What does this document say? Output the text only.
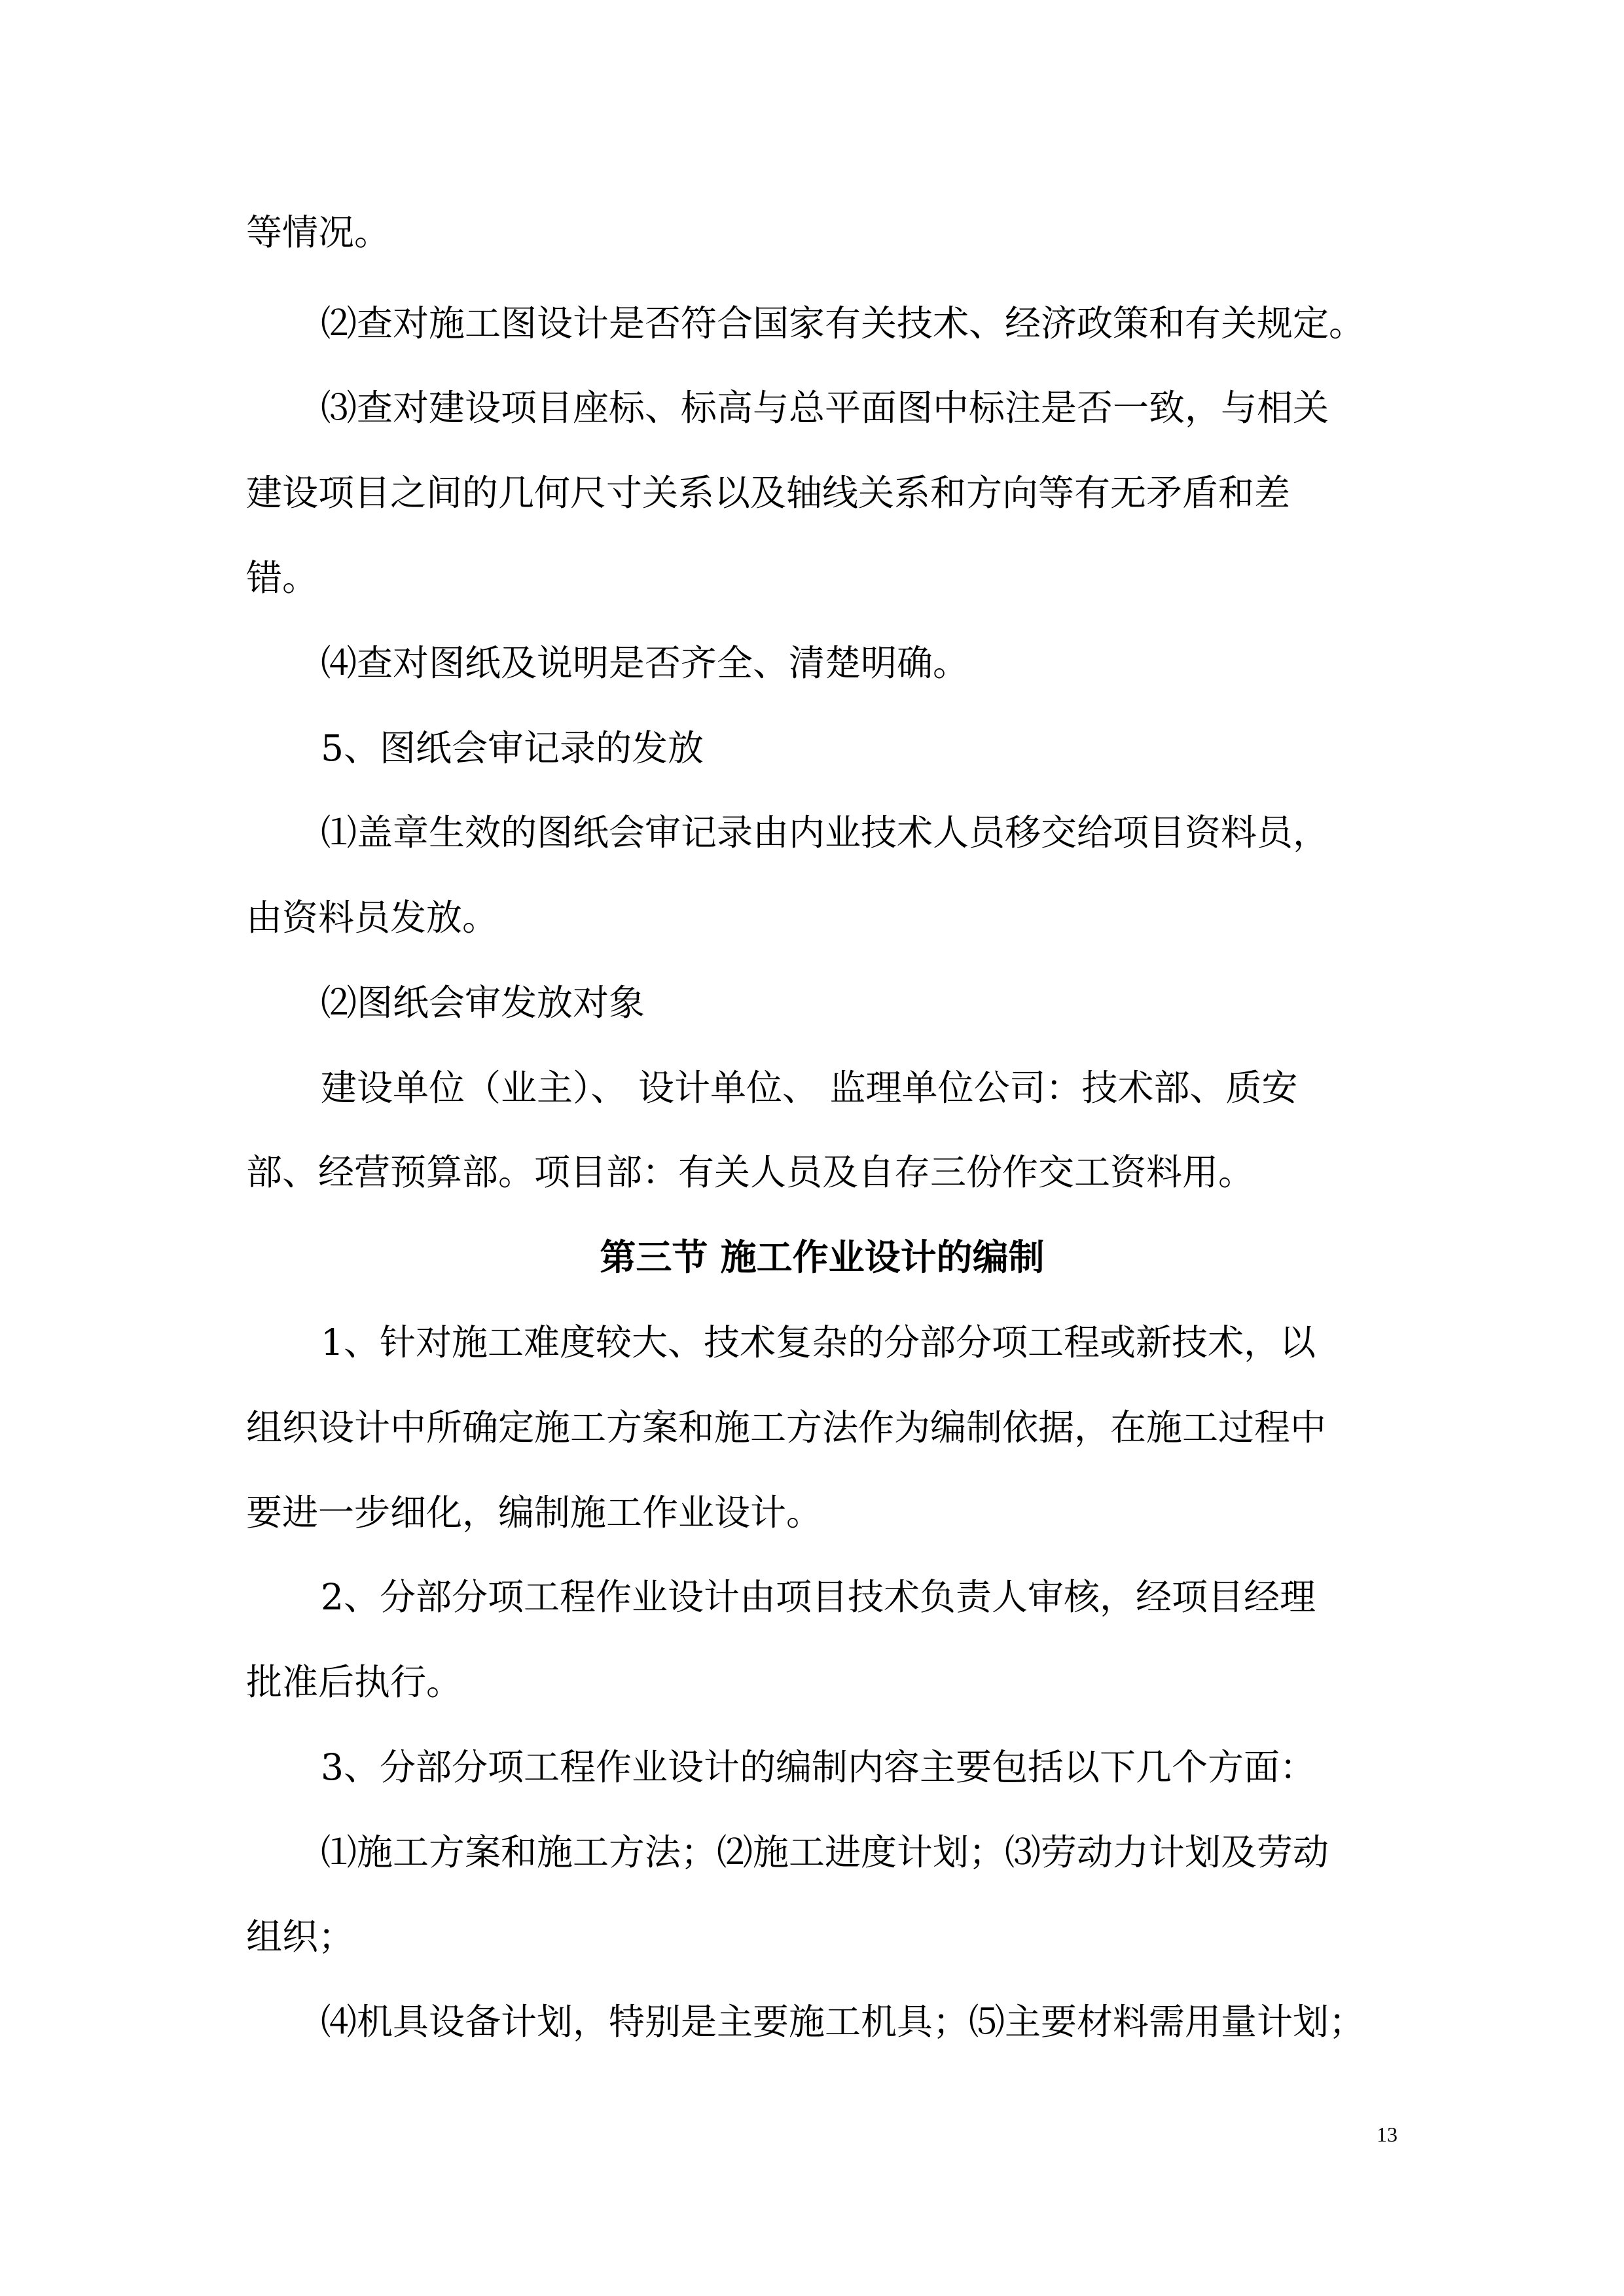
等情况。
⑵查对施工图设计是否符合国家有关技术、经济政策和有关规定。
⑶查对建设项目座标、标高与总平面图中标注是否一致，与相关
建设项目之间的几何尺寸关系以及轴线关系和方向等有无矛盾和差
错。
⑷查对图纸及说明是否齐全、清楚明确。
5、图纸会审记录的发放
⑴盖章生效的图纸会审记录由内业技术人员移交给项目资料员，
由资料员发放。
⑵图纸会审发放对象
建设单位（业主）、 设计单位、 监理单位公司：技术部、质安
部、经营预算部。项目部：有关人员及自存三份作交工资料用。
第三节 施工作业设计的编制
1、针对施工难度较大、技术复杂的分部分项工程或新技术，以
组织设计中所确定施工方案和施工方法作为编制依据，在施工过程中
要进一步细化，编制施工作业设计。
2、分部分项工程作业设计由项目技术负责人审核，经项目经理
批准后执行。
3、分部分项工程作业设计的编制内容主要包括以下几个方面：
⑴施工方案和施工方法；⑵施工进度计划；⑶劳动力计划及劳动
组织；
⑷机具设备计划，特别是主要施工机具；⑸主要材料需用量计划；
13
